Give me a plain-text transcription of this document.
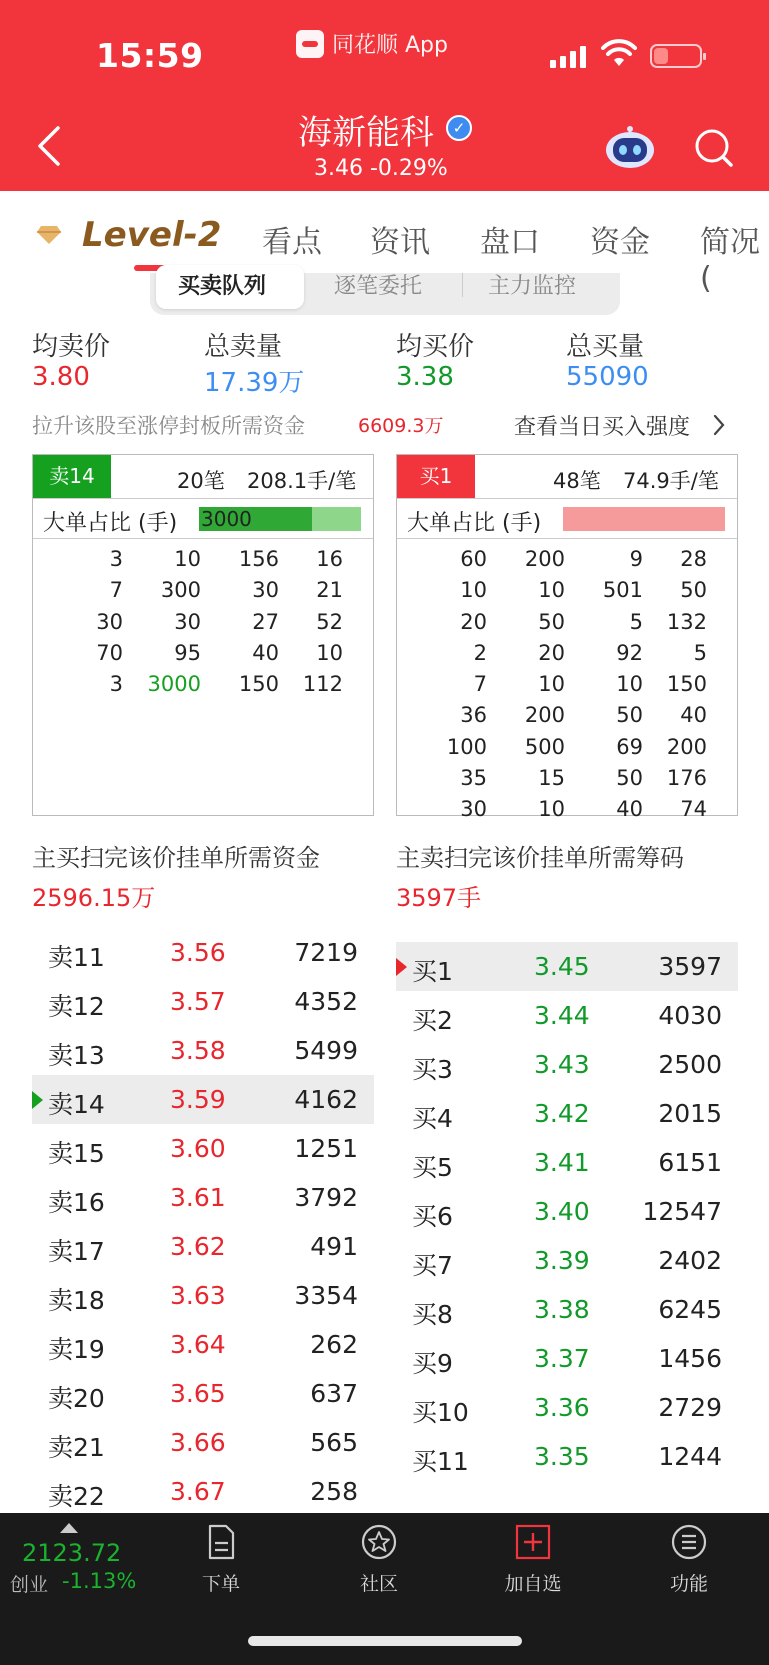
15:59	同花顺 App
海新能科	✓
3.46 -0.29%
Level-2 看点 资讯 盘口 资金 简况(
买卖队列	逐笔委托	主力监控
均卖价	总卖量	均买价	总买量
3.80	17.39万	3.38	55090
拉升该股至涨停封板所需资金	6609.3万	查看当日买入强度
卖14	20笔 208.1手/笔
大单占比 (手) 3000
3	10	156	16
7	300	30	21
30	30	27	52
70	95	40	10
3	3000	150	112
买1	48笔 74.9手/笔
大单占比 (手)
60	200	9	28
10	10	501	50
20	50	5	132
2	20	92	5
7	10	10	150
36	200	50	40
100	500	69	200
35	15	50	176
30	10	40	74
主买扫完该价挂单所需资金
2596.15万
主卖扫完该价挂单所需筹码
3597手
卖11	3.56	7219
卖12	3.57	4352
卖13	3.58	5499
卖14	3.59	4162
卖15	3.60	1251
卖16	3.61	3792
卖17	3.62	491
卖18	3.63	3354
卖19	3.64	262
卖20	3.65	637
卖21	3.66	565
卖22	3.67	258
买1	3.45	3597
买2	3.44	4030
买3	3.43	2500
买4	3.42	2015
买5	3.41	6151
买6	3.40 12547
买7	3.39	2402
买8	3.38	6245
买9	3.37	1456
买10	3.36	2729
买11	3.35	1244
2123.72
创业 -1.13%	下单	社区	加自选	功能
